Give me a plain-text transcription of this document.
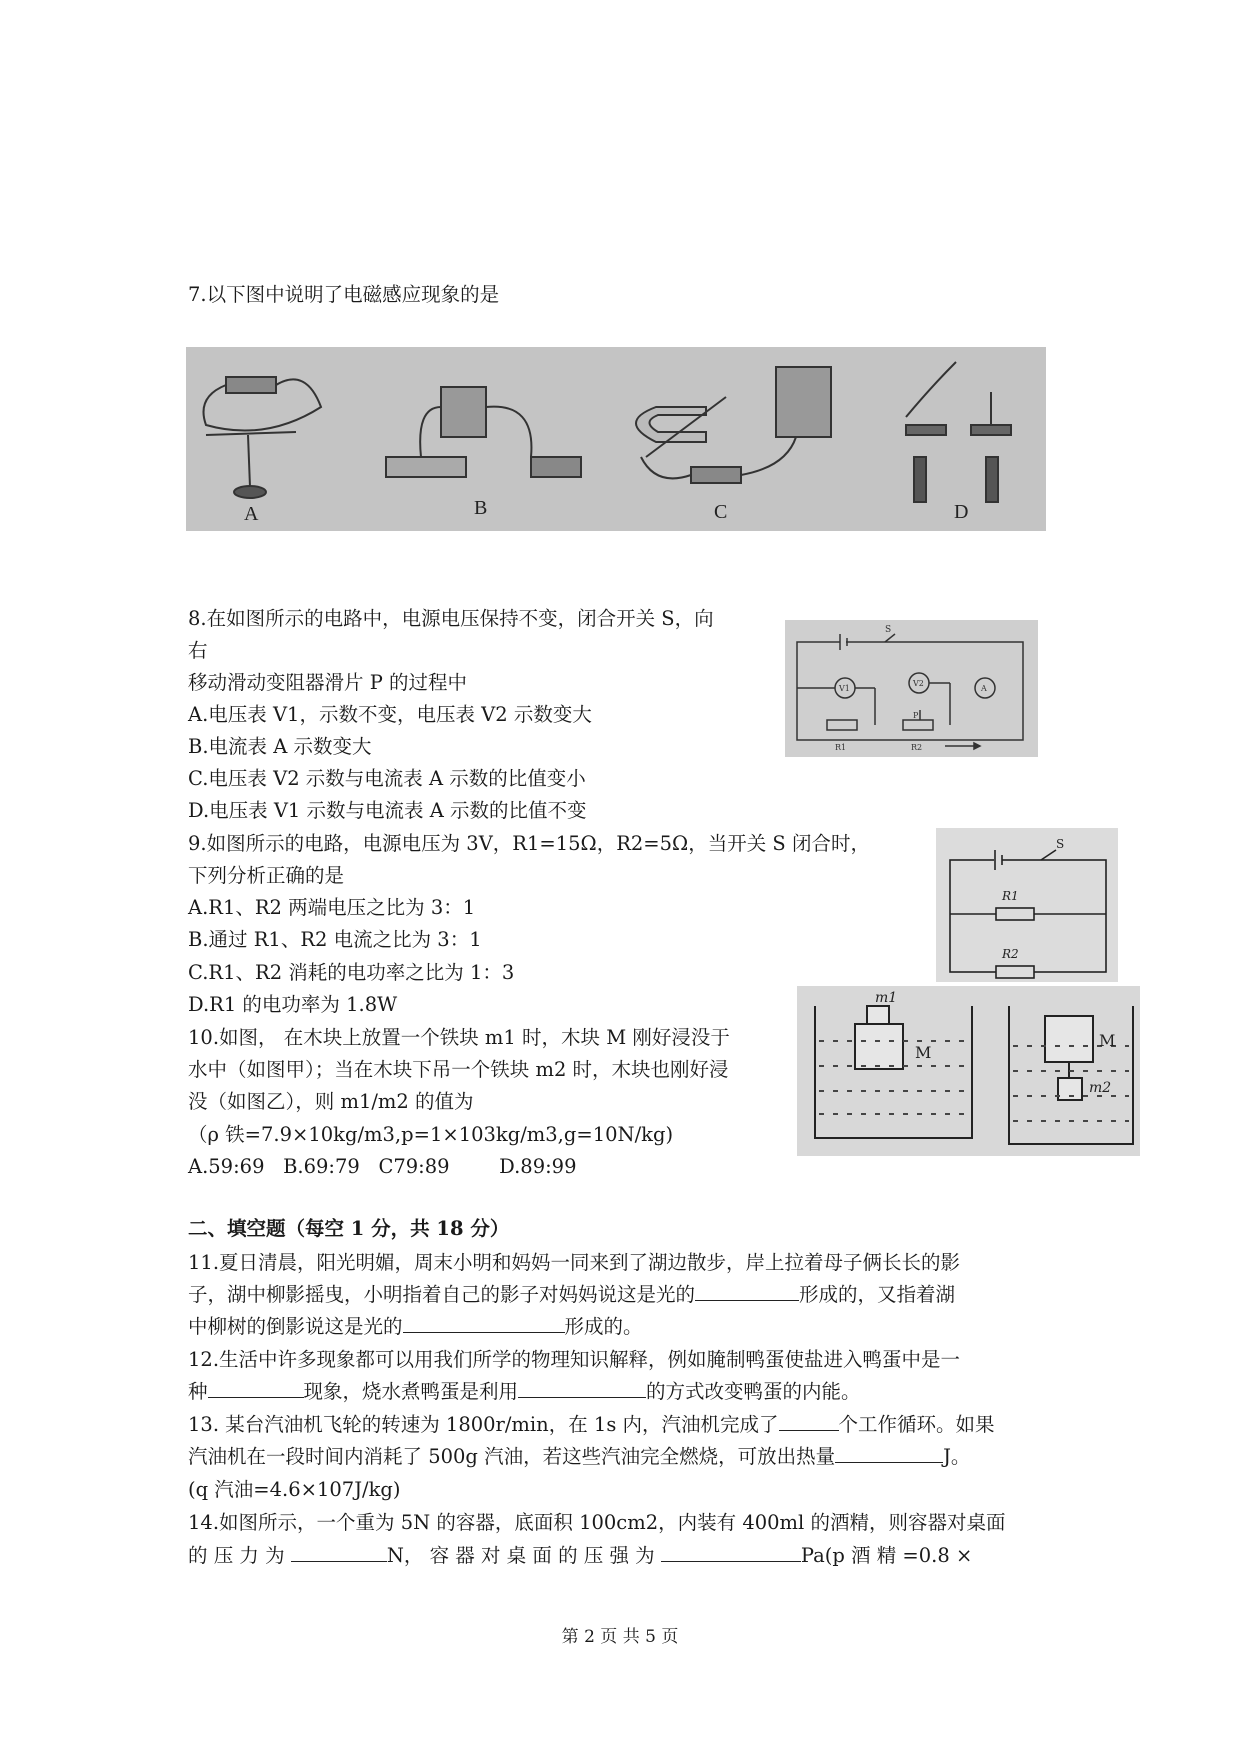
7.以下图中说明了电磁感应现象的是
A	B	C	D
8.在如图所示的电路中，电源电压保持不变，闭合开关 S，向
右
移动滑动变阻器滑片 P 的过程中
A.电压表 V1，示数不变，电压表 V2 示数变大
B.电流表 A 示数变大
C.电压表 V2 示数与电流表 A 示数的比值变小
D.电压表 V1 示数与电流表 A 示数的比值不变
S
V1
V2
A
R1	R2
P
9.如图所示的电路，电源电压为 3V，R1=15Ω，R2=5Ω，当开关 S 闭合时，
下列分析正确的是
A.R1、R2 两端电压之比为 3：1
B.通过 R1、R2 电流之比为 3：1
C.R1、R2 消耗的电功率之比为 1：3
D.R1 的电功率为 1.8W
S
R1
R2
10.如图， 在木块上放置一个铁块 m1 时，木块 M 刚好浸没于
水中（如图甲）；当在木块下吊一个铁块 m2 时，木块也刚好浸
没（如图乙），则 m1/m2 的值为
（ρ 铁=7.9×10kg/m3,p=1×103kg/m3,g=10N/kg)
A.59:69 B.69:79 C79:89	D.89:99
m1
M
M
m2
二、填空题（每空 1 分，共 18 分）
11.夏日清晨，阳光明媚，周末小明和妈妈一同来到了湖边散步，岸上拉着母子俩长长的影
子，湖中柳影摇曳，小明指着自己的影子对妈妈说这是光的	形成的，又指着湖
中柳树的倒影说这是光的	形成的。
12.生活中许多现象都可以用我们所学的物理知识解释，例如腌制鸭蛋使盐进入鸭蛋中是一
种	现象，烧水煮鸭蛋是利用	的方式改变鸭蛋的内能。
13. 某台汽油机飞轮的转速为 1800r/min，在 1s 内，汽油机完成了	个工作循环。如果
汽油机在一段时间内消耗了 500g 汽油，若这些汽油完全燃烧，可放出热量	J。
(q 汽油=4.6×107J/kg)
14.如图所示，一个重为 5N 的容器，底面积 100cm2，内装有 400ml 的酒精，则容器对桌面
的 压 力 为	N， 容 器 对 桌 面 的 压 强 为	Pa(p 酒 精 =0.8 ×
第 2 页 共 5 页
